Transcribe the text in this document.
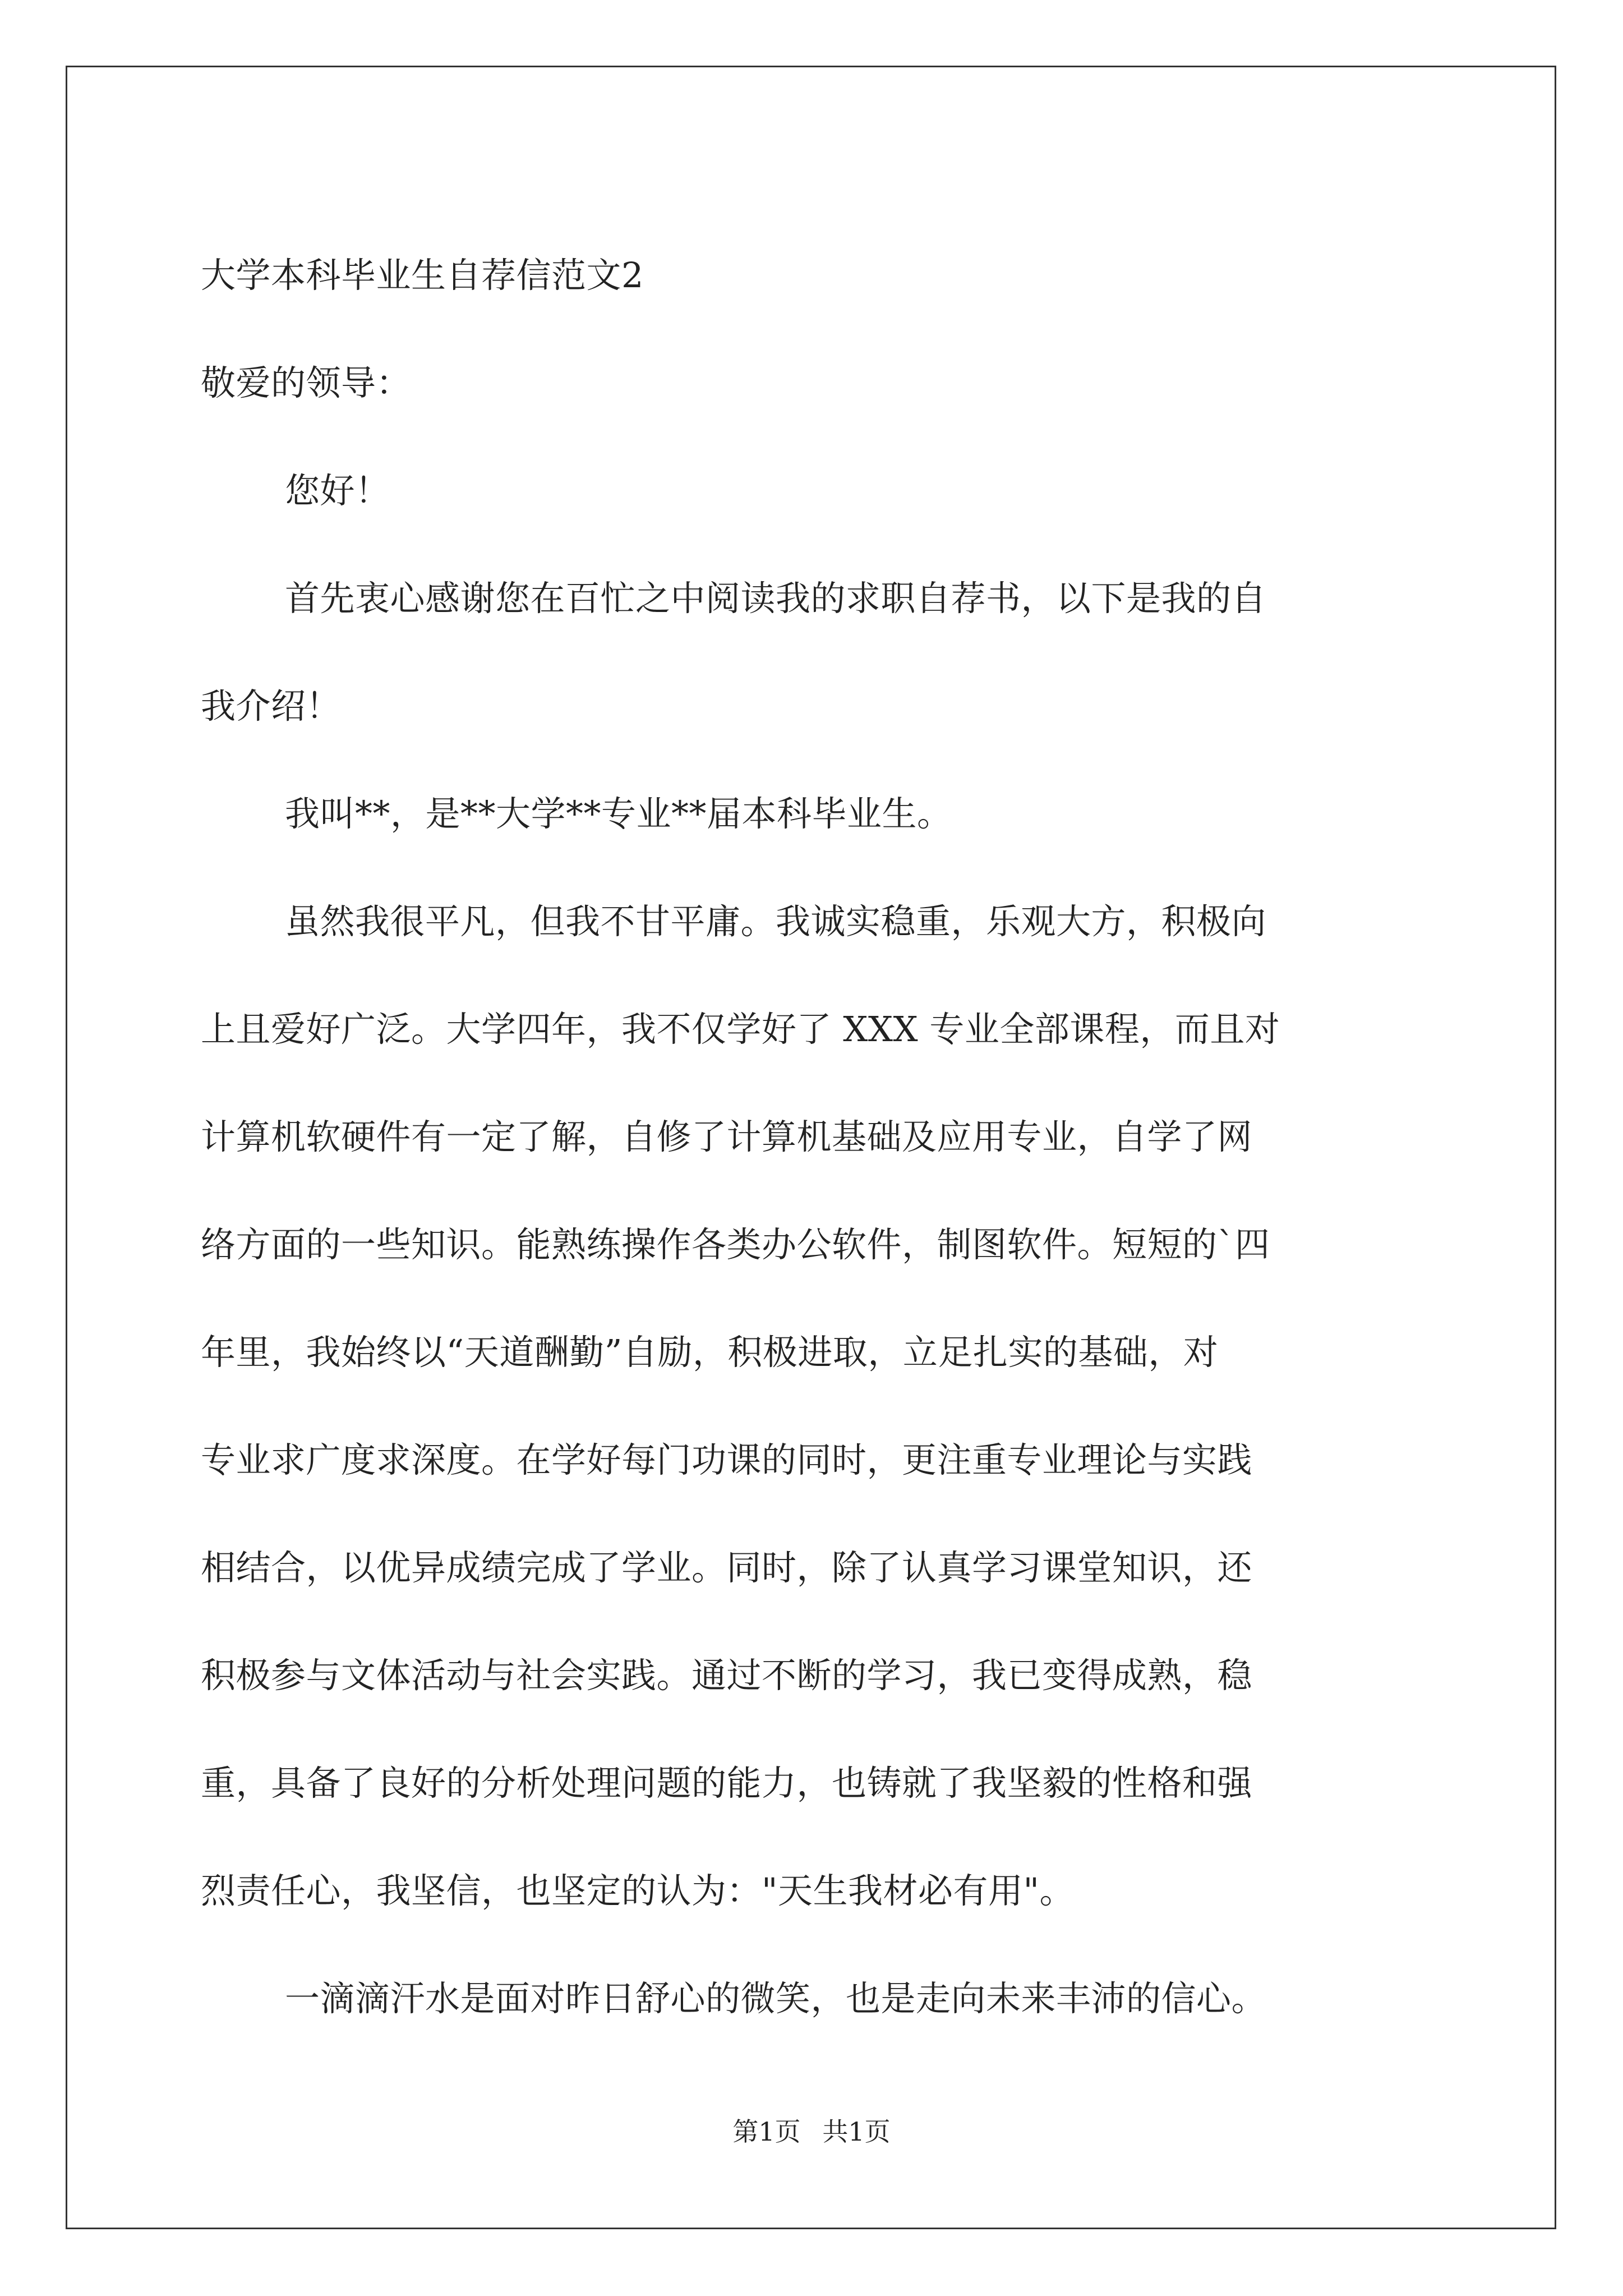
大学本科毕业生自荐信范文2
敬爱的领导：
您好！
首先衷心感谢您在百忙之中阅读我的求职自荐书，以下是我的自
我介绍！
我叫**，是**大学**专业**届本科毕业生。
虽然我很平凡，但我不甘平庸。我诚实稳重，乐观大方，积极向
上且爱好广泛。大学四年，我不仅学好了 XXX 专业全部课程，而且对
计算机软硬件有一定了解，自修了计算机基础及应用专业，自学了网
络方面的一些知识。能熟练操作各类办公软件，制图软件。短短的`四
年里，我始终以“天道酬勤”自励，积极进取，立足扎实的基础，对
专业求广度求深度。在学好每门功课的同时，更注重专业理论与实践
相结合，以优异成绩完成了学业。同时，除了认真学习课堂知识，还
积极参与文体活动与社会实践。通过不断的学习，我已变得成熟，稳
重，具备了良好的分析处理问题的能力，也铸就了我坚毅的性格和强
烈责任心，我坚信，也坚定的认为："天生我材必有用"。
一滴滴汗水是面对昨日舒心的微笑，也是走向未来丰沛的信心。
第1页 共1页
